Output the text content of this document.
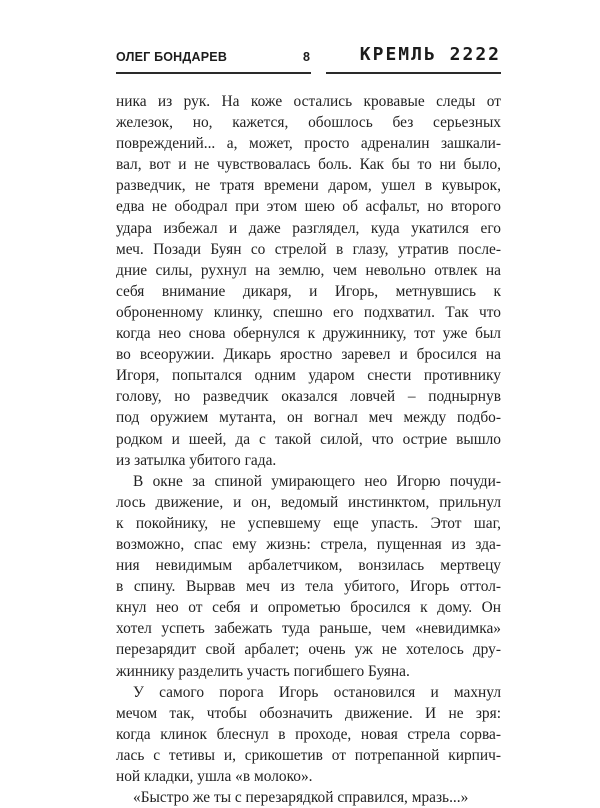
ОЛЕГ БОНДАРЕВ	8	КРЕМЛЬ 2222

ника из рук. На коже остались кровавые следы от

железок, но, кажется, обошлось без серьезных

повреждений... а, может, просто адреналин зашкали-

вал, вот и не чувствовалась боль. Как бы то ни было,

разведчик, не тратя времени даром, ушел в кувырок,

едва не ободрал при этом шею об асфальт, но второго

удара избежал и даже разглядел, куда укатился его

меч. Позади Буян со стрелой в глазу, утратив после-

дние силы, рухнул на землю, чем невольно отвлек на

себя внимание дикаря, и Игорь, метнувшись к

оброненному клинку, спешно его подхватил. Так что

когда нео снова обернулся к дружиннику, тот уже был

во всеоружии. Дикарь яростно заревел и бросился на

Игоря, попытался одним ударом снести противнику

голову, но разведчик оказался ловчей – поднырнув

под оружием мутанта, он вогнал меч между подбо-

родком и шеей, да с такой силой, что острие вышло

из затылка убитого гада.

В окне за спиной умирающего нео Игорю почуди-

лось движение, и он, ведомый инстинктом, прильнул

к покойнику, не успевшему еще упасть. Этот шаг,

возможно, спас ему жизнь: стрела, пущенная из зда-

ния невидимым арбалетчиком, вонзилась мертвецу

в спину. Вырвав меч из тела убитого, Игорь оттол-

кнул нео от себя и опрометью бросился к дому. Он

хотел успеть забежать туда раньше, чем «невидимка»

перезарядит свой арбалет; очень уж не хотелось дру-

жиннику разделить участь погибшего Буяна.

У самого порога Игорь остановился и махнул

мечом так, чтобы обозначить движение. И не зря:

когда клинок блеснул в проходе, новая стрела сорва-

лась с тетивы и, срикошетив от потрепанной кирпич-

ной кладки, ушла «в молоко».

«Быстро же ты с перезарядкой справился, мразь...»
